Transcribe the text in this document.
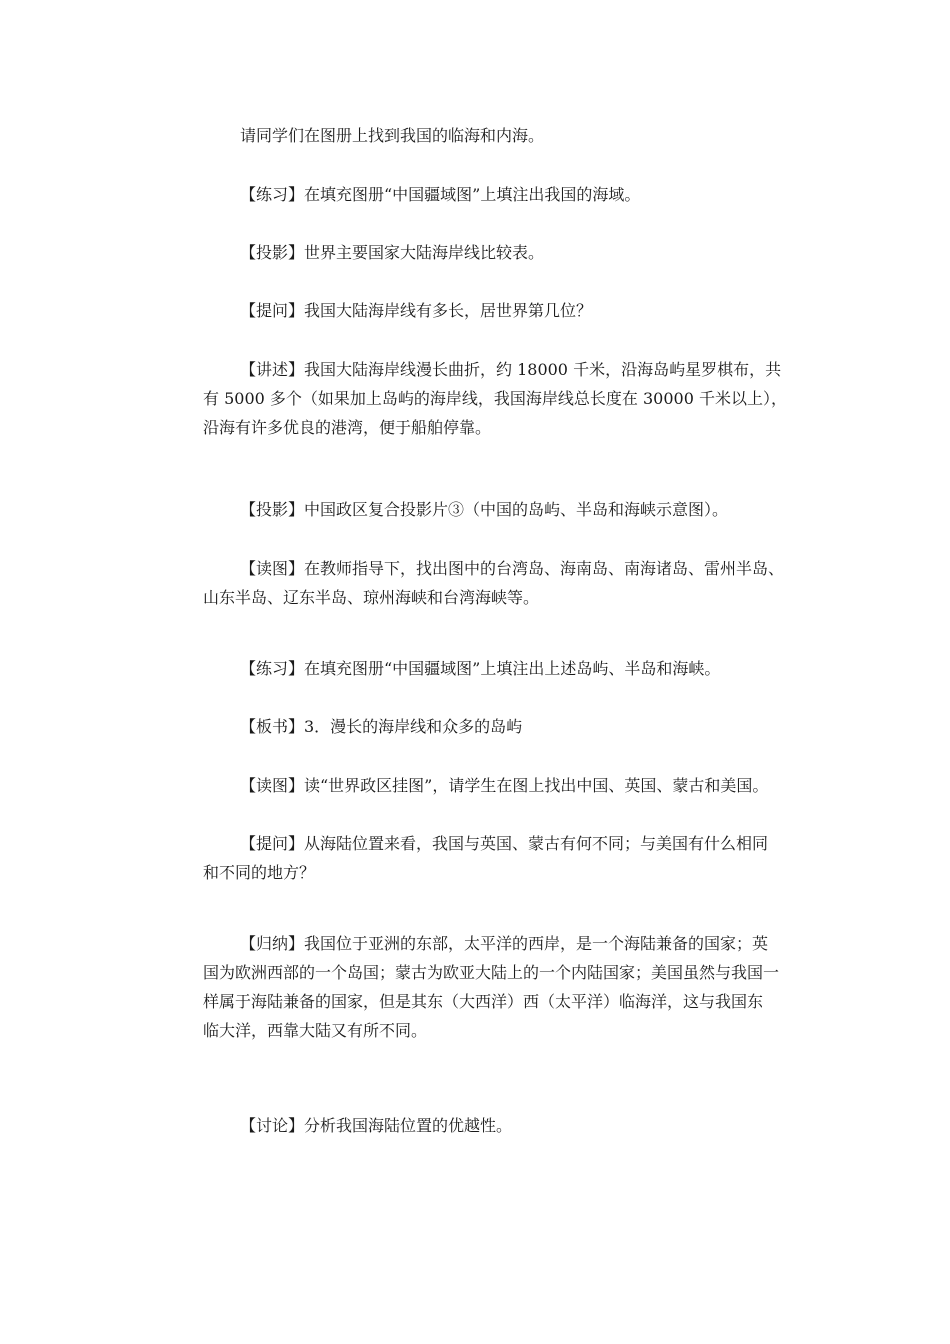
请同学们在图册上找到我国的临海和内海。

【练习】在填充图册“中国疆域图”上填注出我国的海域。

【投影】世界主要国家大陆海岸线比较表。

【提问】我国大陆海岸线有多长，居世界第几位？

【讲述】我国大陆海岸线漫长曲折，约 18000 千米，沿海岛屿星罗棋布，共
有 5000 多个（如果加上岛屿的海岸线，我国海岸线总长度在 30000 千米以上），
沿海有许多优良的港湾，便于船舶停靠。

【投影】中国政区复合投影片③（中国的岛屿、半岛和海峡示意图）。

【读图】在教师指导下，找出图中的台湾岛、海南岛、南海诸岛、雷州半岛、
山东半岛、辽东半岛、琼州海峡和台湾海峡等。

【练习】在填充图册“中国疆域图”上填注出上述岛屿、半岛和海峡。

【板书】3．漫长的海岸线和众多的岛屿

【读图】读“世界政区挂图”，请学生在图上找出中国、英国、蒙古和美国。

【提问】从海陆位置来看，我国与英国、蒙古有何不同；与美国有什么相同
和不同的地方？

【归纳】我国位于亚洲的东部，太平洋的西岸，是一个海陆兼备的国家；英
国为欧洲西部的一个岛国；蒙古为欧亚大陆上的一个内陆国家；美国虽然与我国一
样属于海陆兼备的国家，但是其东（大西洋）西（太平洋）临海洋，这与我国东
临大洋，西靠大陆又有所不同。

【讨论】分析我国海陆位置的优越性。
